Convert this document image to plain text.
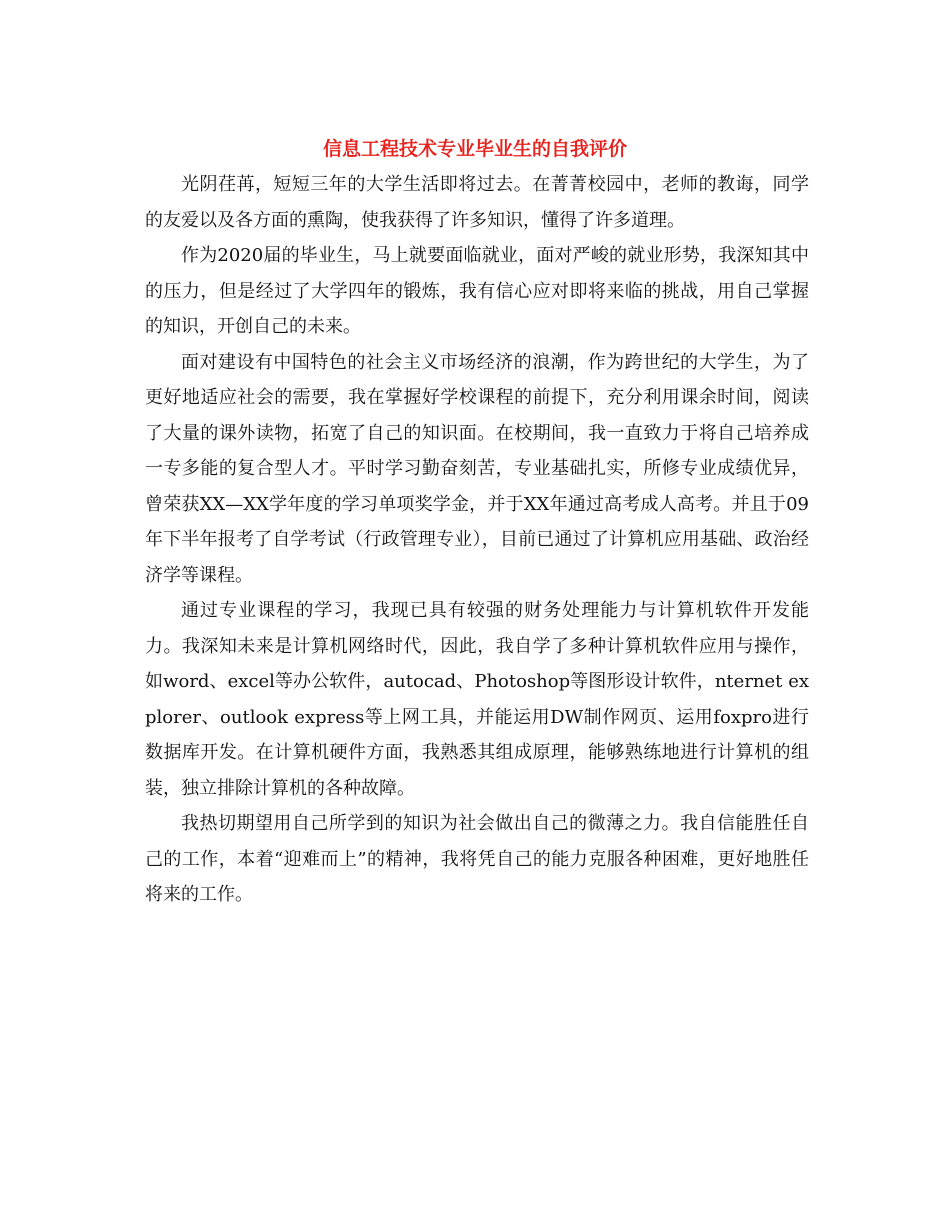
信息工程技术专业毕业生的自我评价

光阴荏苒，短短三年的大学生活即将过去。在菁菁校园中，老师的教诲，同学的友爱以及各方面的熏陶，使我获得了许多知识，懂得了许多道理。

作为2020届的毕业生，马上就要面临就业，面对严峻的就业形势，我深知其中的压力，但是经过了大学四年的锻炼，我有信心应对即将来临的挑战，用自己掌握的知识，开创自己的未来。

面对建设有中国特色的社会主义市场经济的浪潮，作为跨世纪的大学生，为了更好地适应社会的需要，我在掌握好学校课程的前提下，充分利用课余时间，阅读了大量的课外读物，拓宽了自己的知识面。在校期间，我一直致力于将自己培养成一专多能的复合型人才。平时学习勤奋刻苦，专业基础扎实，所修专业成绩优异，曾荣获XX—XX学年度的学习单项奖学金，并于XX年通过高考成人高考。并且于09年下半年报考了自学考试（行政管理专业），目前已通过了计算机应用基础、政治经济学等课程。

通过专业课程的学习，我现已具有较强的财务处理能力与计算机软件开发能力。我深知未来是计算机网络时代，因此，我自学了多种计算机软件应用与操作，如word、excel等办公软件，autocad、Photoshop等图形设计软件，nternet explorer、outlook express等上网工具，并能运用DW制作网页、运用foxpro进行数据库开发。在计算机硬件方面，我熟悉其组成原理，能够熟练地进行计算机的组装，独立排除计算机的各种故障。

我热切期望用自己所学到的知识为社会做出自己的微薄之力。我自信能胜任自己的工作，本着“迎难而上”的精神，我将凭自己的能力克服各种困难，更好地胜任将来的工作。
